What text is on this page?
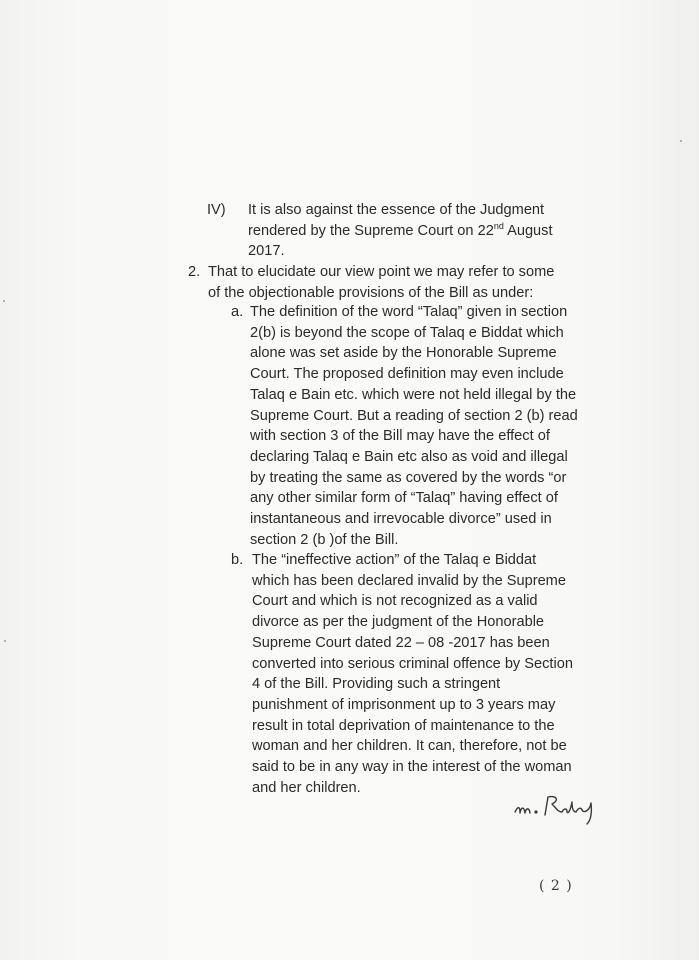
IV) It is also against the essence of the Judgment
rendered by the Supreme Court on 22nd August
2017.
2. That to elucidate our view point we may refer to some
of the objectionable provisions of the Bill as under:
a. The definition of the word “Talaq” given in section
2(b) is beyond the scope of Talaq e Biddat which
alone was set aside by the Honorable Supreme
Court. The proposed definition may even include
Talaq e Bain etc. which were not held illegal by the
Supreme Court. But a reading of section 2 (b) read
with section 3 of the Bill may have the effect of
declaring Talaq e Bain etc also as void and illegal
by treating the same as covered by the words “or
any other similar form of “Talaq” having effect of
instantaneous and irrevocable divorce” used in
section 2 (b )of the Bill.
b. The “ineffective action” of the Talaq e Biddat
which has been declared invalid by the Supreme
Court and which is not recognized as a valid
divorce as per the judgment of the Honorable
Supreme Court dated 22 – 08 -2017 has been
converted into serious criminal offence by Section
4 of the Bill. Providing such a stringent
punishment of imprisonment up to 3 years may
result in total deprivation of maintenance to the
woman and her children. It can, therefore, not be
said to be in any way in the interest of the woman
and her children.
( 2 )
